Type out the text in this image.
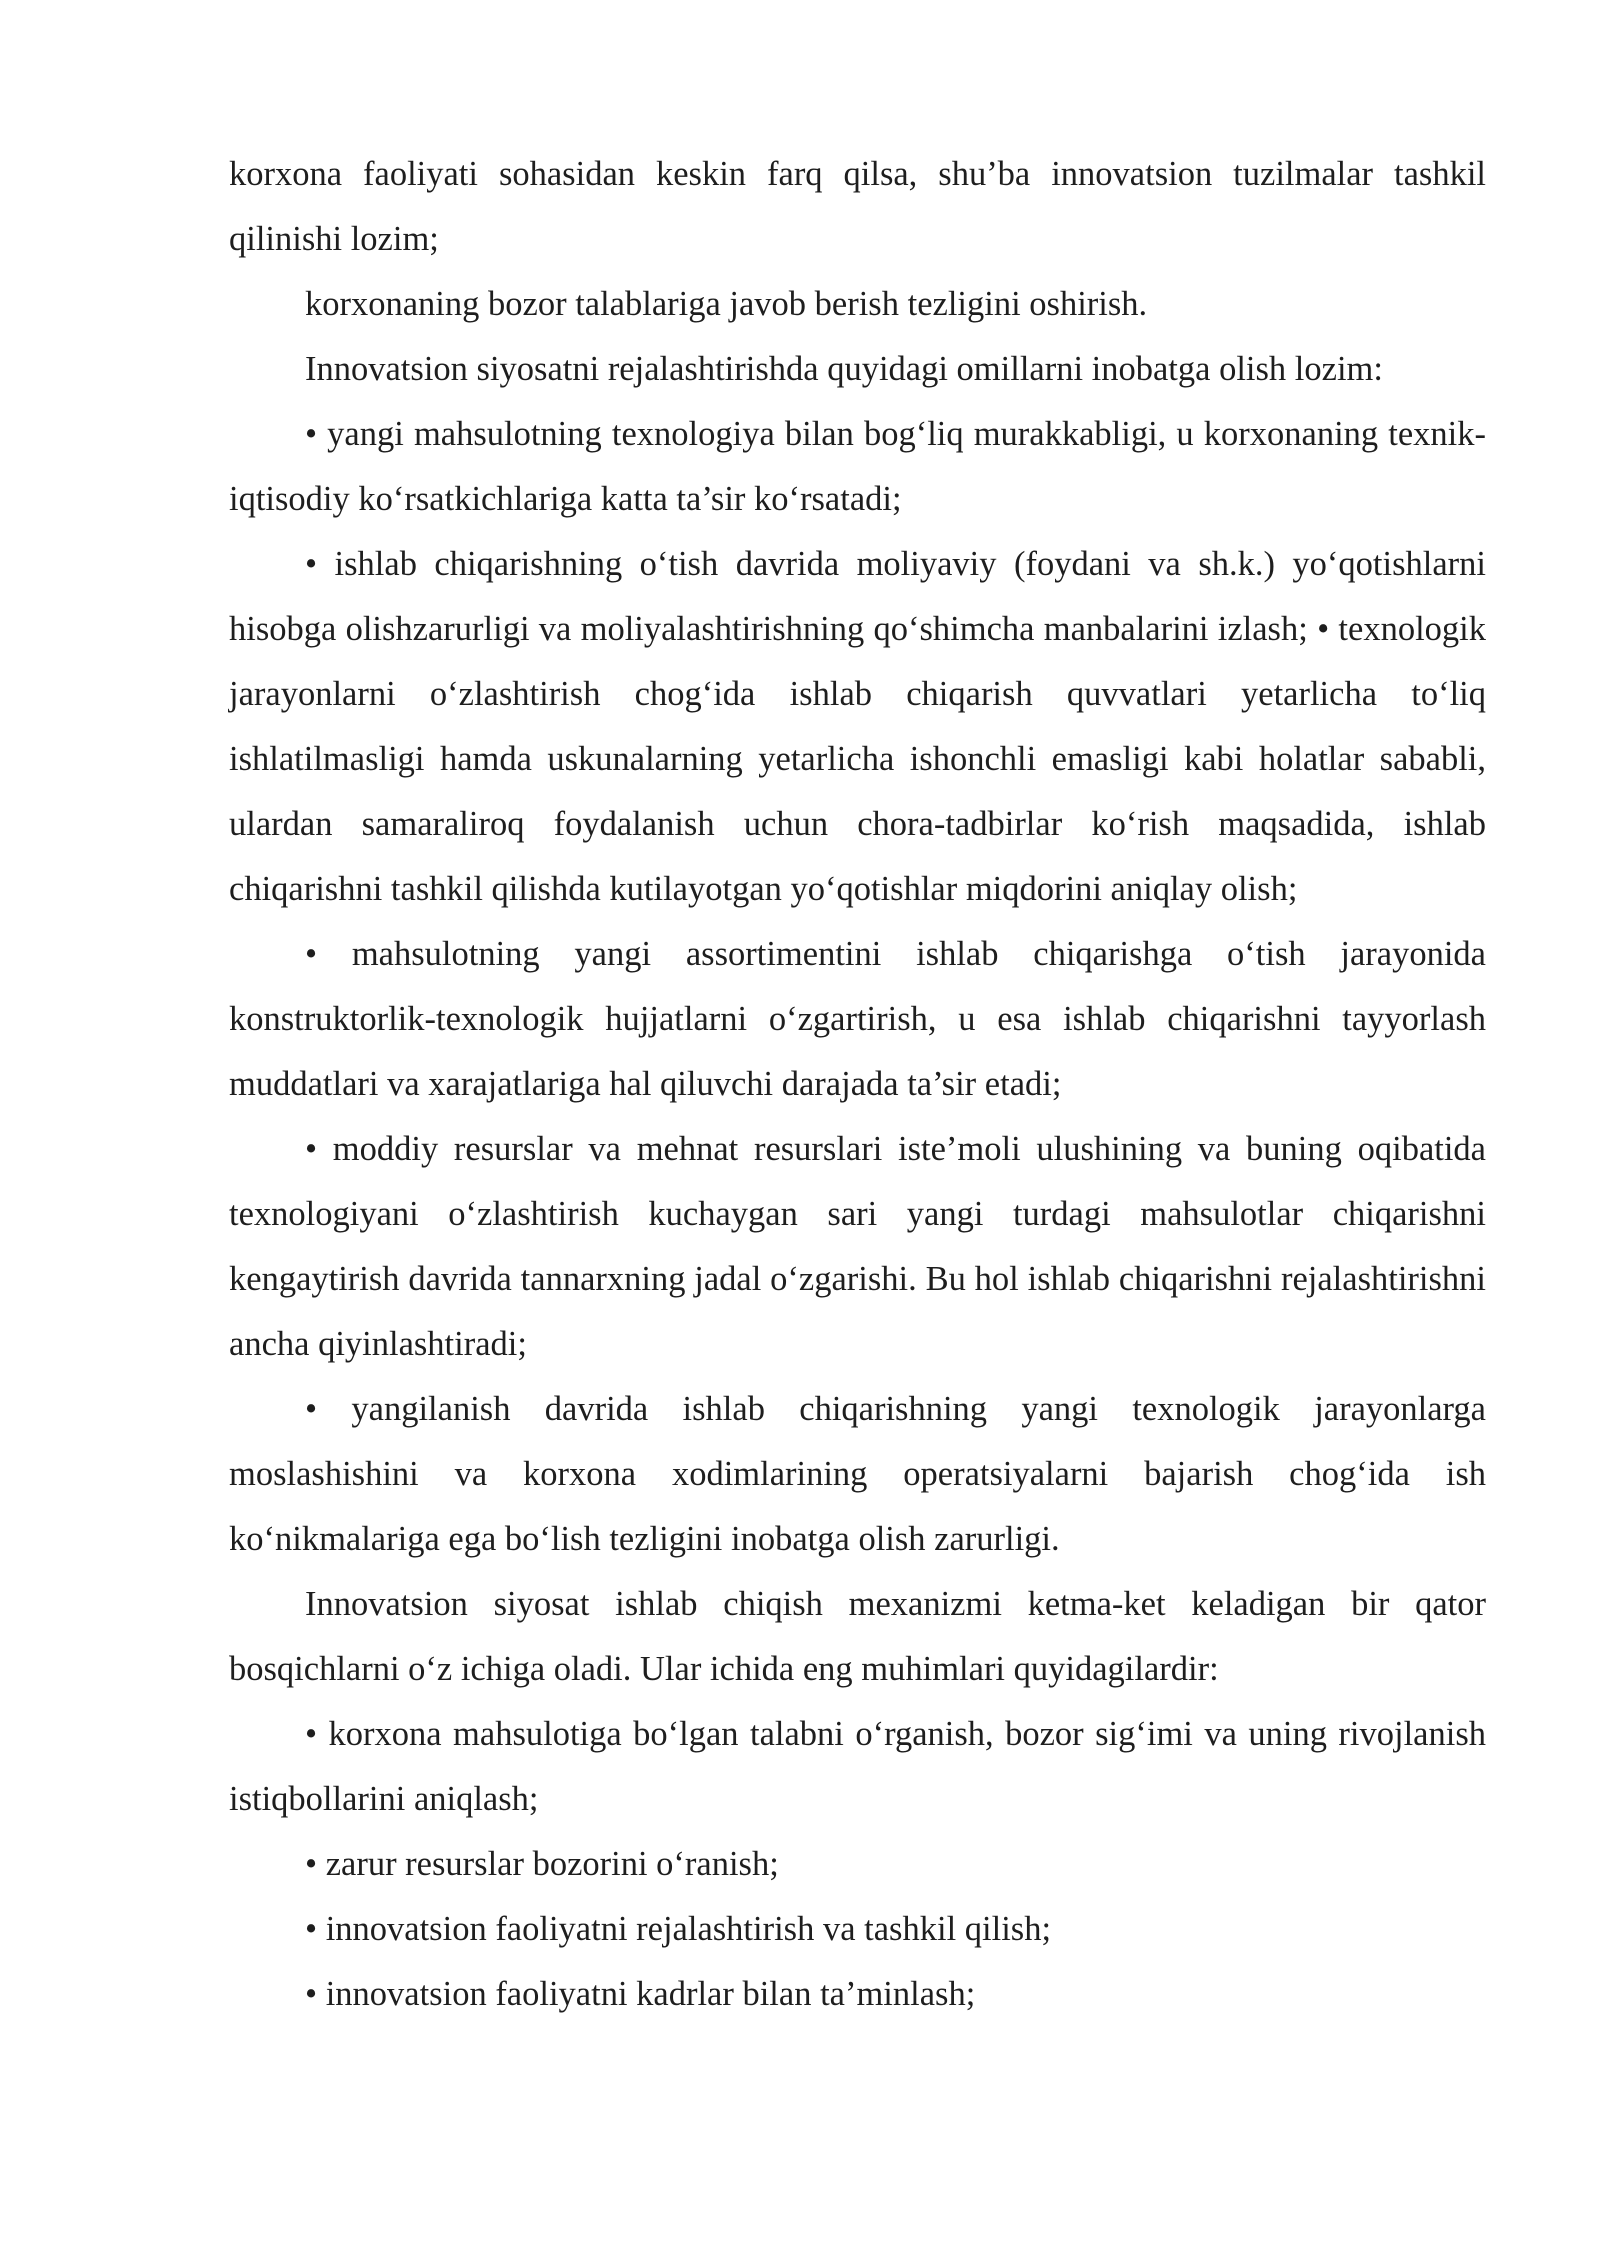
korxona faoliyati sohasidan keskin farq qilsa, shu’ba innovatsion tuzilmalar tashkil qilinishi lozim;

korxonaning bozor talablariga javob berish tezligini oshirish.

Innovatsion siyosatni rejalashtirishda quyidagi omillarni inobatga olish lozim:

• yangi mahsulotning texnologiya bilan bog‘liq murakkabligi, u korxonaning texnik-iqtisodiy ko‘rsatkichlariga katta ta’sir ko‘rsatadi;

• ishlab chiqarishning o‘tish davrida moliyaviy (foydani va sh.k.) yo‘qotishlarni hisobga olishzarurligi va moliyalashtirishning qo‘shimcha manbalarini izlash; • texnologik jarayonlarni o‘zlashtirish chog‘ida ishlab chiqarish quvvatlari yetarlicha to‘liq ishlatilmasligi hamda uskunalarning yetarlicha ishonchli emasligi kabi holatlar sababli, ulardan samaraliroq foydalanish uchun chora-tadbirlar ko‘rish maqsadida, ishlab chiqarishni tashkil qilishda kutilayotgan yo‘qotishlar miqdorini aniqlay olish;

• mahsulotning yangi assortimentini ishlab chiqarishga o‘tish jarayonida konstruktorlik-texnologik hujjatlarni o‘zgartirish, u esa ishlab chiqarishni tayyorlash muddatlari va xarajatlariga hal qiluvchi darajada ta’sir etadi;

• moddiy resurslar va mehnat resurslari iste’moli ulushining va buning oqibatida texnologiyani o‘zlashtirish kuchaygan sari yangi turdagi mahsulotlar chiqarishni kengaytirish davrida tannarxning jadal o‘zgarishi. Bu hol ishlab chiqarishni rejalashtirishni ancha qiyinlashtiradi;

• yangilanish davrida ishlab chiqarishning yangi texnologik jarayonlarga moslashishini va korxona xodimlarining operatsiyalarni bajarish chog‘ida ish ko‘nikmalariga ega bo‘lish tezligini inobatga olish zarurligi.

Innovatsion siyosat ishlab chiqish mexanizmi ketma-ket keladigan bir qator bosqichlarni o‘z ichiga oladi. Ular ichida eng muhimlari quyidagilardir:

• korxona mahsulotiga bo‘lgan talabni o‘rganish, bozor sig‘imi va uning rivojlanish istiqbollarini aniqlash;

• zarur resurslar bozorini o‘ranish;

• innovatsion faoliyatni rejalashtirish va tashkil qilish;

• innovatsion faoliyatni kadrlar bilan ta’minlash;
